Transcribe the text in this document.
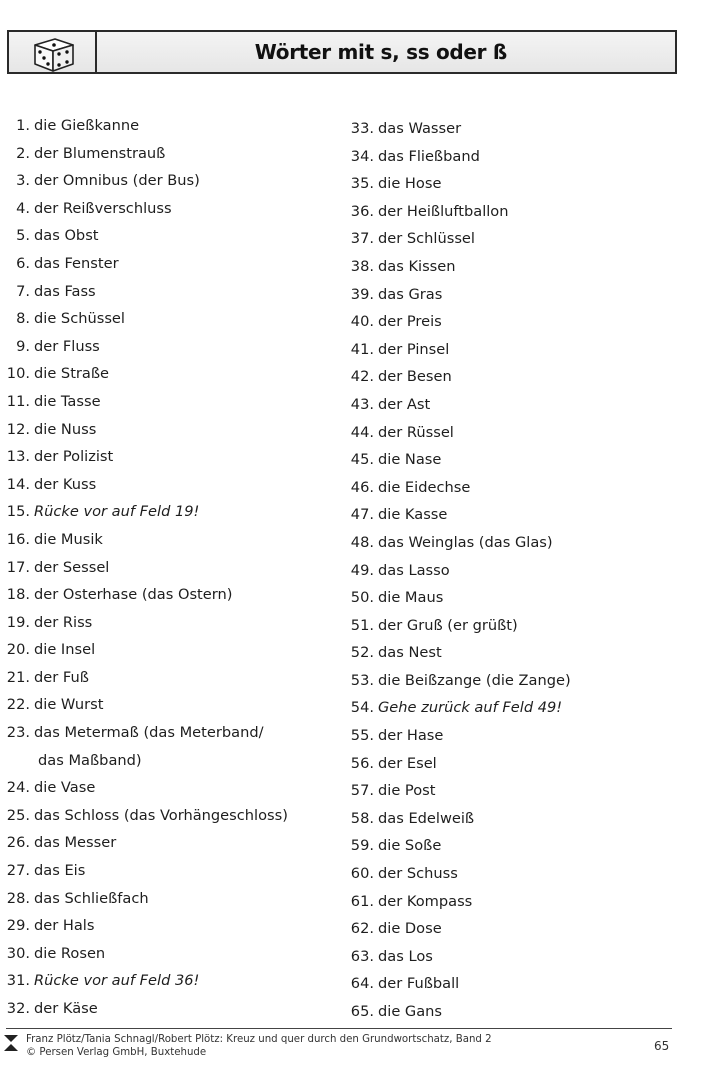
Wörter mit s, ss oder ß
1. die Gießkanne
2. der Blumenstrauß
3. der Omnibus (der Bus)
4. der Reißverschluss
5. das Obst
6. das Fenster
7. das Fass
8. die Schüssel
9. der Fluss
10. die Straße
11. die Tasse
12. die Nuss
13. der Polizist
14. der Kuss
15. Rücke vor auf Feld 19!
16. die Musik
17. der Sessel
18. der Osterhase (das Ostern)
19. der Riss
20. die Insel
21. der Fuß
22. die Wurst
23. das Metermaß (das Meterband/
das Maßband)
24. die Vase
25. das Schloss (das Vorhängeschloss)
26. das Messer
27. das Eis
28. das Schließfach
29. der Hals
30. die Rosen
31. Rücke vor auf Feld 36!
32. der Käse
33. das Wasser
34. das Fließband
35. die Hose
36. der Heißluftballon
37. der Schlüssel
38. das Kissen
39. das Gras
40. der Preis
41. der Pinsel
42. der Besen
43. der Ast
44. der Rüssel
45. die Nase
46. die Eidechse
47. die Kasse
48. das Weinglas (das Glas)
49. das Lasso
50. die Maus
51. der Gruß (er grüßt)
52. das Nest
53. die Beißzange (die Zange)
54. Gehe zurück auf Feld 49!
55. der Hase
56. der Esel
57. die Post
58. das Edelweiß
59. die Soße
60. der Schuss
61. der Kompass
62. die Dose
63. das Los
64. der Fußball
65. die Gans
Franz Plötz/Tania Schnagl/Robert Plötz: Kreuz und quer durch den Grundwortschatz, Band 2
© Persen Verlag GmbH, Buxtehude	65
